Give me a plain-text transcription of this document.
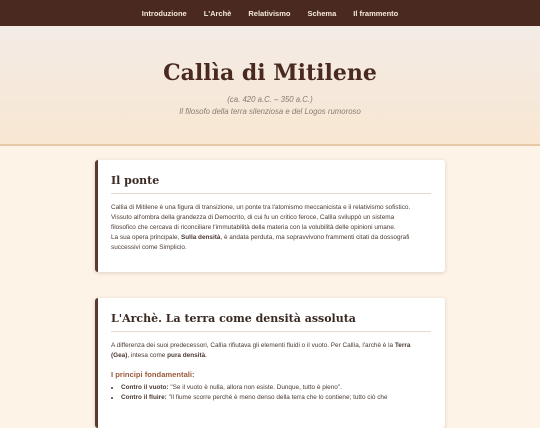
Introduzione L'Archè Relativismo Schema Il frammento
Callìa di Mitilene
(ca. 420 a.C. – 350 a.C.)
Il filosofo della terra silenziosa e del Logos rumoroso
Il ponte

Callìa di Mitilene è una figura di transizione, un ponte tra l'atomismo meccanicista e il relativismo sofistico.
Vissuto all'ombra della grandezza di Democrito, di cui fu un critico feroce, Callìa sviluppò un sistema
filosofico che cercava di riconciliare l'immutabilità della materia con la volubilità delle opinioni umane.
La sua opera principale, Sulla densità, è andata perduta, ma sopravvivono frammenti citati da dossografi
successivi come Simplicio.

L'Archè. La terra come densità assoluta

A differenza dei suoi predecessori, Callìa rifiutava gli elementi fluidi o il vuoto. Per Callìa, l'archè è la Terra
(Gea), intesa come pura densità.

I principi fondamentali:
• Contro il vuoto: "Se il vuoto è nulla, allora non esiste. Dunque, tutto è pieno".
• Contro il fluire: "Il fiume scorre perché è meno denso della terra che lo contiene; tutto ciò che
